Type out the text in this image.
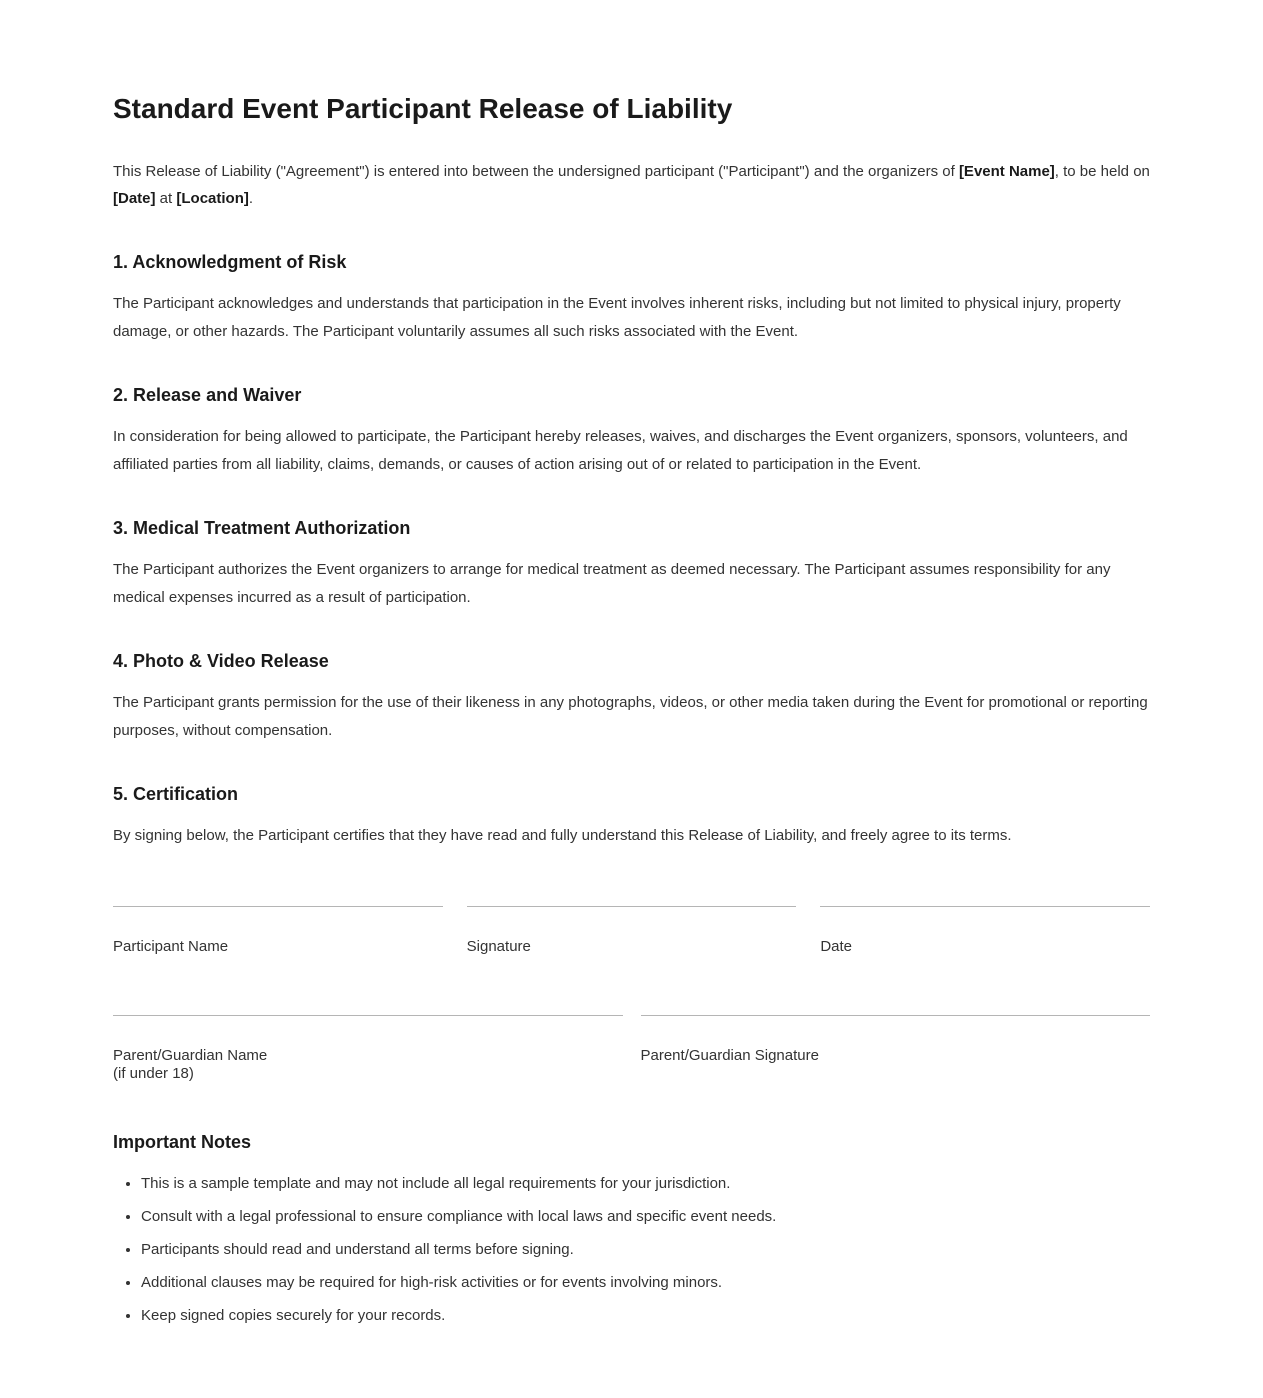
Standard Event Participant Release of Liability

This Release of Liability ("Agreement") is entered into between the undersigned participant ("Participant") and the organizers of [Event Name], to be held on [Date] at [Location].

1. Acknowledgment of Risk

The Participant acknowledges and understands that participation in the Event involves inherent risks, including but not limited to physical injury, property damage, or other hazards. The Participant voluntarily assumes all such risks associated with the Event.

2. Release and Waiver

In consideration for being allowed to participate, the Participant hereby releases, waives, and discharges the Event organizers, sponsors, volunteers, and affiliated parties from all liability, claims, demands, or causes of action arising out of or related to participation in the Event.

3. Medical Treatment Authorization

The Participant authorizes the Event organizers to arrange for medical treatment as deemed necessary. The Participant assumes responsibility for any medical expenses incurred as a result of participation.

4. Photo & Video Release

The Participant grants permission for the use of their likeness in any photographs, videos, or other media taken during the Event for promotional or reporting purposes, without compensation.

5. Certification

By signing below, the Participant certifies that they have read and fully understand this Release of Liability, and freely agree to its terms.

Participant Name	Signature	Date
Parent/Guardian Name
(if under 18)
Parent/Guardian Signature
Important Notes
• This is a sample template and may not include all legal requirements for your jurisdiction.
• Consult with a legal professional to ensure compliance with local laws and specific event needs.
• Participants should read and understand all terms before signing.
• Additional clauses may be required for high-risk activities or for events involving minors.
• Keep signed copies securely for your records.
